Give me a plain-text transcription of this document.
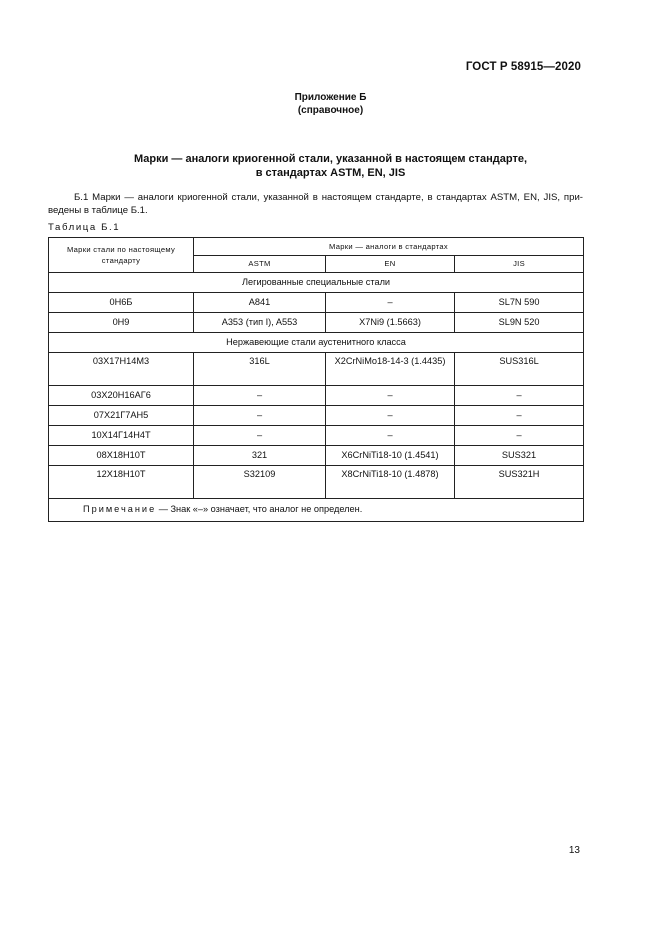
ГОСТ Р 58915—2020
Приложение Б
(справочное)
Марки — аналоги криогенной стали, указанной в настоящем стандарте,
в стандартах ASTM, EN, JIS
Б.1 Марки — аналоги криогенной стали, указанной в настоящем стандарте, в стандартах ASTM, EN, JIS, при- ведены в таблице Б.1.
Таблица Б.1
Марки стали по настоящему стандарту	Марки — аналоги в стандартах		
	ASTM	EN	JIS
Легированные специальные стали			
0Н6Б	A841	–	SL7N 590
0Н9	A353 (тип I), A553	X7Ni9 (1.5663)	SL9N 520
Нержавеющие стали аустенитного класса			
03Х17Н14М3	316L	X2CrNiMo18-14-3 (1.4435)	SUS316L
03Х20Н16АГ6	–	–	–
07Х21Г7АН5	–	–	–
10Х14Г14Н4Т	–	–	–
08Х18Н10Т	321	X6CrNiTi18-10 (1.4541)	SUS321
12Х18Н10Т	S32109	X8CrNiTi18-10 (1.4878)	SUS321H
Примечание — Знак «–» означает, что аналог не определен.			
13
